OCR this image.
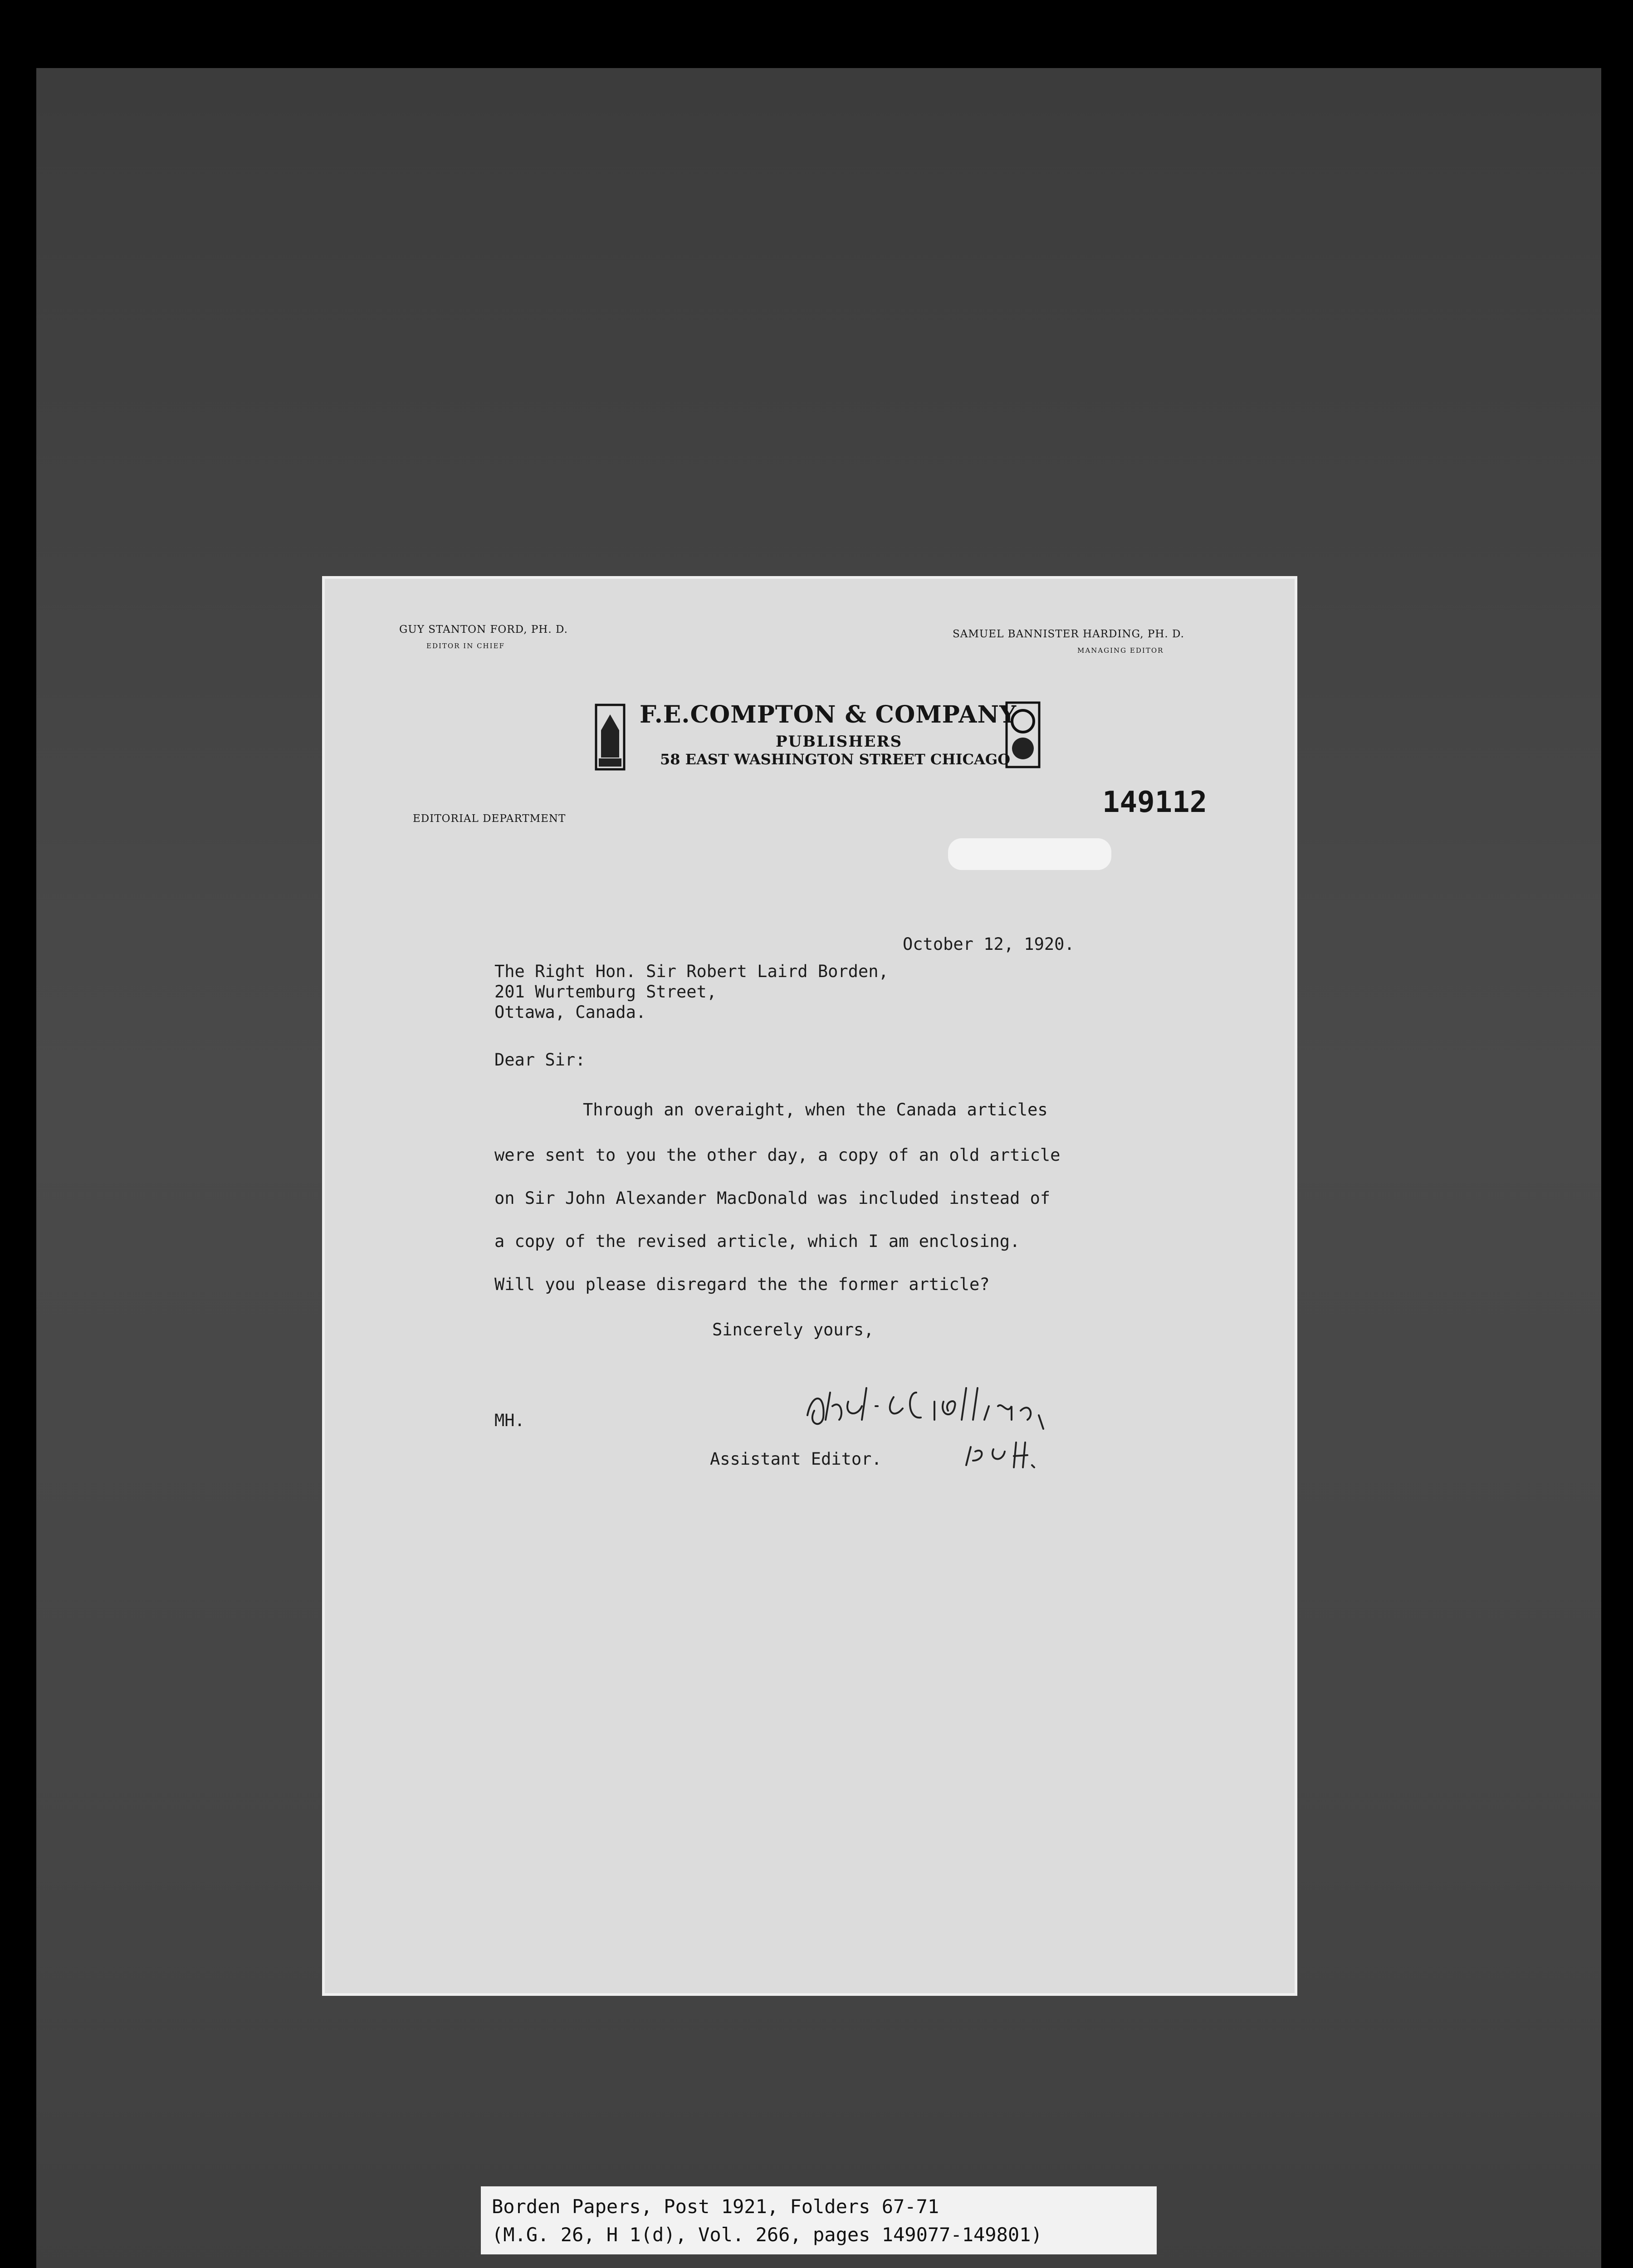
GUY STANTON FORD, PH. D.
EDITOR IN CHIEF
SAMUEL BANNISTER HARDING, PH. D.
MANAGING EDITOR
F.E.COMPTON & COMPANY
PUBLISHERS
58 EAST WASHINGTON STREET CHICAGO
EDITORIAL DEPARTMENT	149112
October 12, 1920.
The Right Hon. Sir Robert Laird Borden,
201 Wurtemburg Street,
Ottawa, Canada.
Dear Sir:
Through an overaight, when the Canada articles
were sent to you the other day, a copy of an old article
on Sir John Alexander MacDonald was included instead of
a copy of the revised article, which I am enclosing.
Will you please disregard the the former article?
Sincerely yours,
MH.
Assistant Editor.
Borden Papers, Post 1921, Folders 67-71
(M.G. 26, H 1(d), Vol. 266, pages 149077-149801)
